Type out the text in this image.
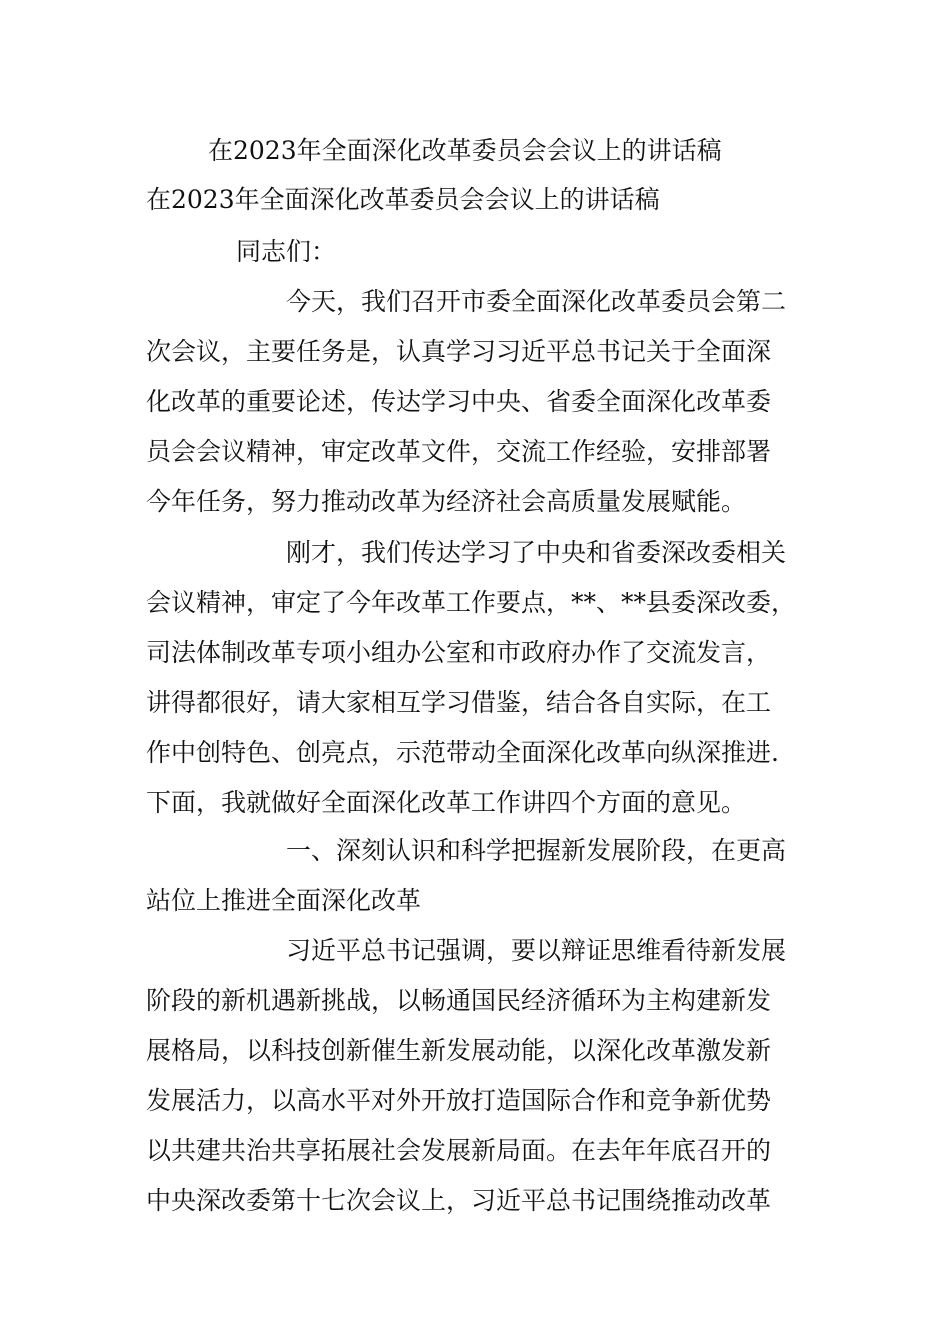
在2023年全面深化改革委员会会议上的讲话稿

在2023年全面深化改革委员会会议上的讲话稿

同志们：

今天，我们召开市委全面深化改革委员会第二

次会议，主要任务是，认真学习习近平总书记关于全面深

化改革的重要论述，传达学习中央、省委全面深化改革委

员会会议精神，审定改革文件，交流工作经验，安排部署

今年任务，努力推动改革为经济社会高质量发展赋能。

刚才，我们传达学习了中央和省委深改委相关

会议精神，审定了今年改革工作要点，**、**县委深改委，

司法体制改革专项小组办公室和市政府办作了交流发言，

讲得都很好，请大家相互学习借鉴，结合各自实际，在工

作中创特色、创亮点，示范带动全面深化改革向纵深推进.

下面，我就做好全面深化改革工作讲四个方面的意见。

一、深刻认识和科学把握新发展阶段，在更高

站位上推进全面深化改革

习近平总书记强调，要以辩证思维看待新发展

阶段的新机遇新挑战，以畅通国民经济循环为主构建新发

展格局，以科技创新催生新发展动能，以深化改革激发新

发展活力，以高水平对外开放打造国际合作和竞争新优势

以共建共治共享拓展社会发展新局面。在去年年底召开的

中央深改委第十七次会议上，习近平总书记围绕推动改革
